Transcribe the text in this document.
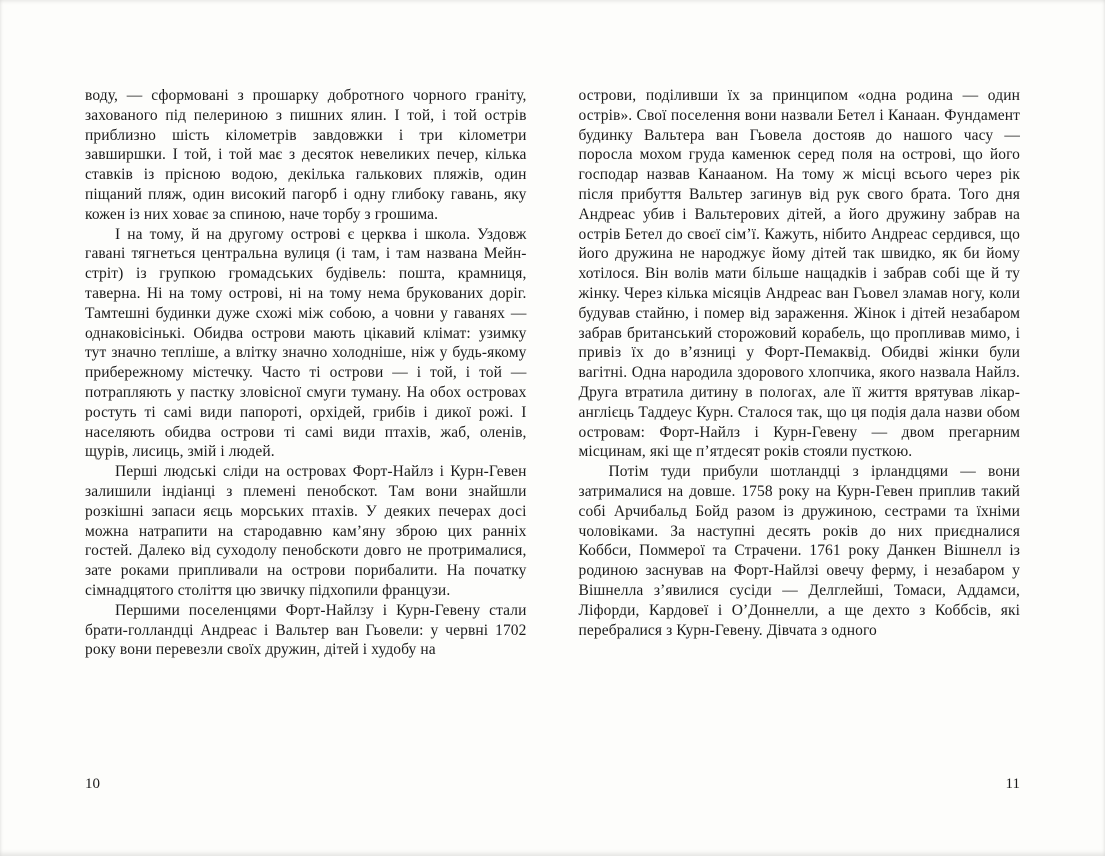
воду, — сформовані з прошарку добротного чорного граніту, захованого під пелериною з пишних ялин. І той, і той острів приблизно шість кілометрів завдовжки і три кілометри завширшки. І той, і той має з десяток невеликих печер, кілька ставків із прісною водою, декілька галькових пляжів, один піщаний пляж, один високий пагорб і одну глибоку гавань, яку кожен із них ховає за спиною, наче торбу з грошима.

І на тому, й на другому острові є церква і школа. Уздовж гавані тягнеться центральна вулиця (і там, і там названа Мейн-стріт) із групкою громадських будівель: пошта, крамниця, таверна. Ні на тому острові, ні на тому нема брукованих доріг. Тамтешні будинки дуже схожі між собою, а човни у гаванях — однаковісінькі. Обидва острови мають цікавий клімат: узимку тут значно тепліше, а влітку значно холодніше, ніж у будь-якому прибережному містечку. Часто ті острови — і той, і той — потрапляють у пастку зловісної смуги туману. На обох островах ростуть ті самі види папороті, орхідей, грибів і дикої рожі. І населяють обидва острови ті самі види птахів, жаб, оленів, щурів, лисиць, змій і людей.

Перші людські сліди на островах Форт-Найлз і Курн-Гевен залишили індіанці з племені пенобскот. Там вони знайшли розкішні запаси яєць морських птахів. У деяких печерах досі можна натрапити на стародавню кам’яну зброю цих ранніх гостей. Далеко від суходолу пенобскоти довго не протрималися, зате роками припливали на острови порибалити. На початку сімнадцятого століття цю звичку підхопили французи.

Першими поселенцями Форт-Найлзу і Курн-Гевену стали брати-голландці Андреас і Вальтер ван Гьовели: у червні 1702 року вони перевезли своїх дружин, дітей і худобу на

10

острови, поділивши їх за принципом «одна родина — один острів». Свої поселення вони назвали Бетел і Канаан. Фундамент будинку Вальтера ван Гьовела достояв до нашого часу — поросла мохом груда каменюк серед поля на острові, що його господар назвав Канааном. На тому ж місці всього через рік після прибуття Вальтер загинув від рук свого брата. Того дня Андреас убив і Вальтерових дітей, а його дружину забрав на острів Бетел до своєї сім’ї. Кажуть, нібито Андреас сердився, що його дружина не народжує йому дітей так швидко, як би йому хотілося. Він волів мати більше нащадків і забрав собі ще й ту жінку. Через кілька місяців Андреас ван Гьовел зламав ногу, коли будував стайню, і помер від зараження. Жінок і дітей незабаром забрав британський сторожовий корабель, що пропливав мимо, і привіз їх до в’язниці у Форт-Пемаквід. Обидві жінки були вагітні. Одна народила здорового хлопчика, якого назвала Найлз. Друга втратила дитину в пологах, але її життя врятував лікар-англієць Таддеус Курн. Сталося так, що ця подія дала назви обом островам: Форт-Найлз і Курн-Гевену — двом прегарним місцинам, які ще п’ятдесят років стояли пусткою.

Потім туди прибули шотландці з ірландцями — вони затрималися на довше. 1758 року на Курн-Гевен приплив такий собі Арчибальд Бойд разом із дружиною, сестрами та їхніми чоловіками. За наступні десять років до них приєдналися Коббси, Поммерої та Страчени. 1761 року Данкен Вішнелл із родиною заснував на Форт-Найлзі овечу ферму, і незабаром у Вішнелла з’явилися сусіди — Делглейші, Томаси, Аддамси, Ліфорди, Кардовеї і О’Доннелли, а ще дехто з Коббсів, які перебралися з Курн-Гевену. Дівчата з одного

11
